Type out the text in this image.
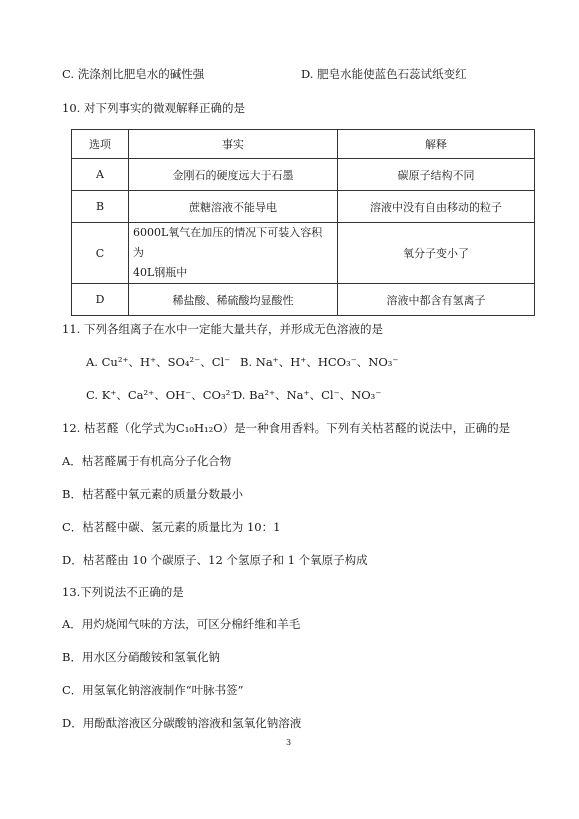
C. 洗涤剂比肥皂水的碱性强	D. 肥皂水能使蓝色石蕊试纸变红
10. 对下列事实的微观解释正确的是
选项	事实	解释
A	金刚石的硬度远大于石墨	碳原子结构不同
B	蔗糖溶液不能导电	溶液中没有自由移动的粒子
C	6000L氧气在加压的情况下可装入容积为
40L钢瓶中	氧分子变小了
D	稀盐酸、稀硫酸均显酸性	溶液中都含有氢离子
11. 下列各组离子在水中一定能大量共存，并形成无色溶液的是
A. Cu²⁺、H⁺、SO₄²⁻、Cl⁻ B. Na⁺、H⁺、HCO₃⁻、NO₃⁻
C. K⁺、Ca²⁺、OH⁻、CO₃²⁻
D. Ba²⁺、Na⁺、Cl⁻、NO₃⁻
12. 枯茗醛（化学式为C₁₀H₁₂O）是一种食用香料。下列有关枯茗醛的说法中，正确的是
A．枯茗醛属于有机高分子化合物
B．枯茗醛中氧元素的质量分数最小
C．枯茗醛中碳、氢元素的质量比为 10：1
D．枯茗醛由 10 个碳原子、12 个氢原子和 1 个氧原子构成
13.下列说法不正确的是
A．用灼烧闻气味的方法，可区分棉纤维和羊毛
B．用水区分硝酸铵和氢氧化钠
C．用氢氧化钠溶液制作“叶脉书签”
D．用酚酞溶液区分碳酸钠溶液和氢氧化钠溶液
3
